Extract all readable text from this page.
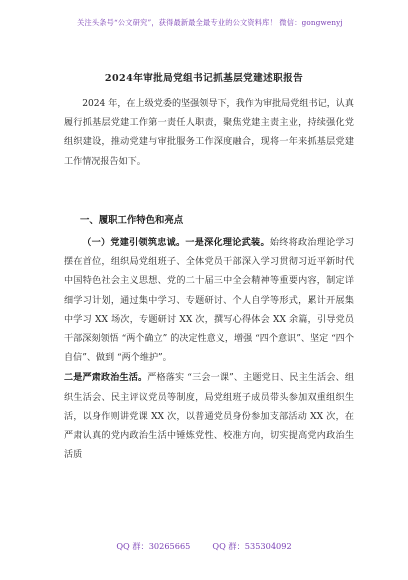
关注头条号“公文研究”，获得最新最全最专业的公文资料库！ 微信：gongwenyj
2024年审批局党组书记抓基层党建述职报告

2024 年，在上级党委的坚强领导下，我作为审批局党组书记，认真履行抓基层党建工作第一责任人职责，聚焦党建主责主业，持续强化党组织建设，推动党建与审批服务工作深度融合，现将一年来抓基层党建工作情况报告如下。

一、履职工作特色和亮点

（一）党建引领筑忠诚。一是深化理论武装。始终将政治理论学习摆在首位，组织局党组班子、全体党员干部深入学习贯彻习近平新时代中国特色社会主义思想、党的二十届三中全会精神等重要内容，制定详细学习计划，通过集中学习、专题研讨、个人自学等形式，累计开展集中学习 XX 场次，专题研讨 XX 次，撰写心得体会 XX 余篇，引导党员干部深刻领悟 “两个确立” 的决定性意义，增强 “四个意识”、坚定 “四个自信”、做到 “两个维护”。

二是严肃政治生活。严格落实 “三会一课”、主题党日、民主生活会、组织生活会、民主评议党员等制度，局党组班子成员带头参加双重组织生活，以身作则讲党课 XX 次，以普通党员身份参加支部活动 XX 次，在严肃认真的党内政治生活中锤炼党性、校准方向，切实提高党内政治生活质

QQ 群：30265665	QQ 群：535304092
